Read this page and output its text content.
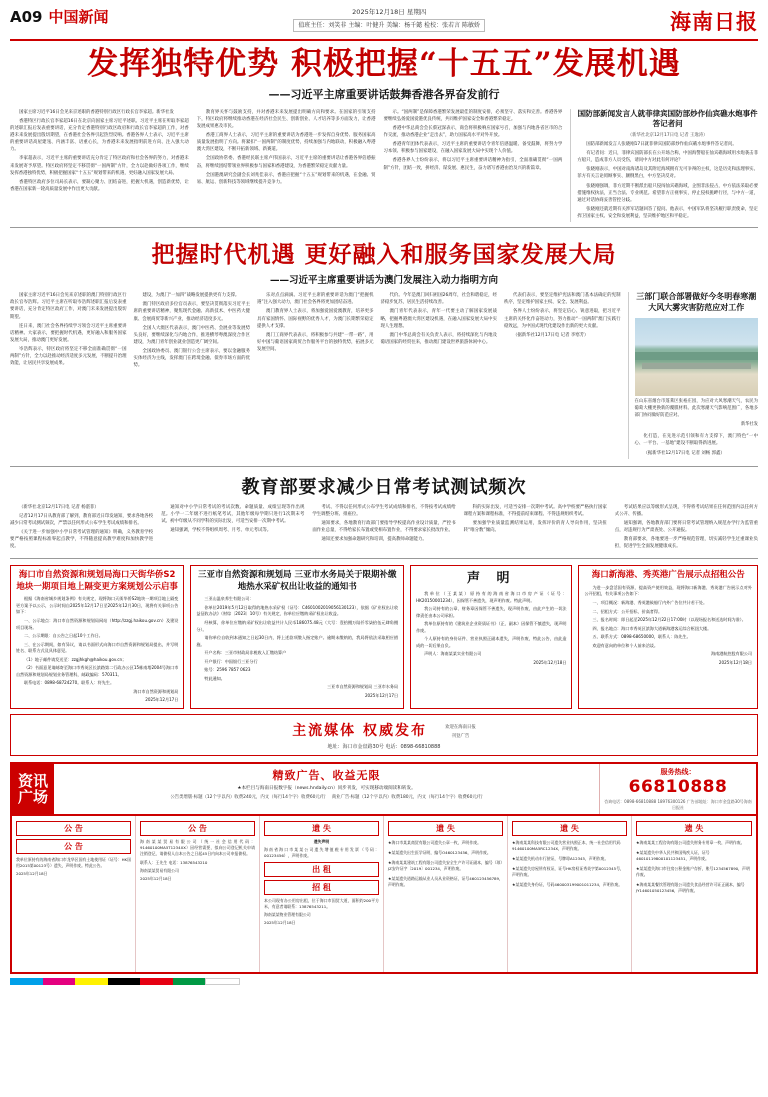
A09 中国新闻	2025年12月18日 星期四
值班主任：刘笑非 主编：叶健升 美编：杨千懿 检校：张若言 陈敏娇	海南日报
发挥独特优势 积极把握“十五五”发展机遇
——习近平主席重要讲话鼓舞香港各界奋发前行

国家主席习近平16日会见来京述职的香港特别行政区行政长官李家超。新华社发

香港特区行政长官李家超16日在北京向国家主席习近平述职。习近平主席在听取李家超的述职汇报后发表重要讲话，充分肯定香港特别行政区政府和行政长官李家超的工作，对香港未来发展提出殷切期望，在香港社会各界引起热烈反响。香港各界人士表示，习近平主席的重要讲话高屋建瓴、内涵丰富、语重心长，为香港未来发展指明前进方向、注入强大动力。

李家超表示，习近平主席的重要讲话充分肯定了特区政府和社会各界的努力，对香港未来发展寄予厚望。特区政府将坚定不移贯彻“一国两制”方针，全力以赴做好各项工作，继续发挥香港独特优势，积极把握国家“十五五”规划带来的机遇，更好融入国家发展大局。

香港特区政府多位司局长表示，要凝心聚力、团结奋进，把握大机遇，创造新优势，让香港在国家新一轮高质量发展中作出更大贡献。

教育界关怀与鼓励支持，并对香港未来发展提出明确方向和要求。在国家的引领支持下，特区政府将继续推动香港在经济社会民生、创新创业、人才培养等多方面发力，让香港发展成果惠及市民。

香港工商界人士表示，习近平主席的重要讲话为香港进一步发挥自身优势、服务国家高质量发展指明了方向。将紧扣“一国两制”的制度优势，持续加强与内地联动，积极融入粤港澳大湾区建设，不断开拓新领域、新赛道。

全国政协常委、香港经民联主席卢伟国表示，习近平主席的重要讲话让香港各界倍感振奋，将继续团结带领业界积极参与国家和香港建设，为香港繁荣稳定贡献力量。

全国港澳研究会副会长刘兆佳表示，香港应把握“十五五”规划带来的机遇，在金融、贸易、航运、创新科技等领域继续提升竞争力。

示。“国两制”是保障香港繁荣发展最佳的制度安排，必须坚守、落实和完善。香港各界要继续弘扬爱国爱港优良传统，共同维护国家安全和香港繁荣稳定。

香港中华总商会会长蔡冠深表示，商会将积极响应国家号召，加强与内地各省区市的合作交流，推动香港企业“走出去”，助力国家高水平对外开放。

香港青年团体代表表示，习近平主席的重要讲话令青年倍感温暖、备受鼓舞，将努力学习本领、积极参与国家建设，在融入国家发展大局中实现个人价值。

香港各界人士纷纷表示，将以习近平主席重要讲话精神为指引，全面准确贯彻“一国两制”方针，团结一致，拼经济、谋发展、惠民生，奋力谱写香港由治及兴的新篇章。

国防部新闻发言人就菲律宾国防部炒作仙宾礁水炮事件答记者问
（新华社北京12月17日电 记者 王逸涛）

国防部新闻发言人张晓刚17日就菲律宾国防部炒作仙宾礁水炮事件答记者问。

有记者问：近日，菲律宾国防部长在公开场合称，中国海警船在仙宾礁海域用水炮袭击菲方船只，造成菲方人员受伤，请问中方对此有何评论？

张晓刚表示，中国对南海诸岛及其附近海域拥有无可争辩的主权，这是历史和法理事实。菲方有关言论罔顾事实、颠倒黑白，中方坚决反对。

张晓刚强调，菲方近期不断派出船只侵闯仙宾礁海域，企图非法侵占，中方依法采取必要措施维权执法，正当合法、专业规范。希望菲方正视事实，停止侵权挑衅行径，与中方一道，通过对话协商妥善管控分歧。

张晓刚还就近期有关涉军话题回答了提问。他表示，中国军队将坚决履行职责使命，坚定捍卫国家主权、安全和发展利益，坚决维护地区和平稳定。

把握时代机遇 更好融入和服务国家发展大局
——习近平主席重要讲话为澳门发展注入动力指明方向

国家主席习近平16日会见来京述职的澳门特别行政区行政长官岑浩辉。习近平主席在听取岑浩辉述职汇报后发表重要讲话，充分肯定特区政府工作，对澳门未来发展提出殷切期望。

连日来，澳门社会各界持续学习领会习近平主席重要讲话精神。大家表示，要把握时代机遇，更好融入和服务国家发展大局，推动澳门更好发展。

岑浩辉表示，特区政府将坚定不移全面准确贯彻“一国两制”方针，全力以赴推动经济适度多元发展，不断提升治理效能，让居民共享发展成果。

建设，为澳门“一加四”战略发展提供更有力支撑。

澳门特区政府多位官员表示，要坚决贯彻落实习近平主席的重要讲话精神，聚焦现代金融、高新技术、中医药大健康、会展商贸等新兴产业，推动经济适度多元。

全国人大澳区代表表示，澳门中医药、会展业等发展势头良好，要继续深化与内地合作，推进横琴粤澳深度合作区建设，为澳门青年创业就业创造更广阔空间。

全国政协委员、澳门银行公会主席表示，要以金融服务实体经济为主线，发挥澳门在跨境金融、债券市场方面的优势。

乐对点点滴滴。习近平主席的重要讲话为澳门“把握机遇”注入强大动力，澳门社会各界将更加团结奋进。

澳门教育界人士表示，将加强爱国爱澳教育，培养更多具有家国情怀、国际视野的优秀人才，为澳门长期繁荣稳定提供人才支撑。

澳门工商界代表表示，将积极参与共建“一带一路”，用好中国与葡语国家商贸合作服务平台的独特优势，拓展多元发展空间。

代价。今年是澳门回归祖国26周年，社会和谐稳定，经济稳步复苏，居民生活持续改善。

澳门青年代表表示，青年一代要主动了解国家发展战略，把握粤港澳大湾区建设机遇，在融入国家发展大局中实现人生理想。

澳门中华总商会有关负责人表示，将持续深化与内地及葡语国家的经贸往来，推动澳门建设世界旅游休闲中心。

代表们表示，要坚定维护宪法和澳门基本法确定的宪制秩序，坚定维护国家主权、安全、发展利益。

各界人士纷纷表示，将坚定信心、锐意进取，把习近平主席的关怀化作奋进动力，努力推动“一国两制”澳门实践行稳致远，为中国式现代化建设作出新的更大贡献。

（据新华社12月17日电 记者 李寒芳）

三部门联合部署做好今冬明春寒潮大风大雾灾害防范应对工作
在山东省烟台市蓬莱区张裕庄园，为应对大风寒潮天气，农民为葡萄大棚更换新的覆膜材料。此次寒潮天气影响范围广，各地多部门协同做好防范应对。
新华社发

化打造，在先进示范引领和有力支撑下，澳门特色“一中心、一平台、一基地”建设不断取得新进展。

（据新华社12月17日电 记者 刘畅 郭鑫）

教育部要求减少日常考试测试频次

（新华社北京12月17日电 记者 杨湛菲）

记者12月17日从教育部了解到，教育部近日印发通知，要求各地各校减少日常考试测试频次，严禁以任何形式公布学生考试成绩和排名。

《关于进一步加强中小学日常考试管理的通知》明确，义务教育学校要严格按照课程标准零起点教学，不得随意提高教学难度和加快教学进度。

通知对中小学日常考试的考试次数、命题质量、成绩呈现等作出规范。小学一二年级不进行纸笔考试，其他年级每学期只进行1次期末考试。初中年级从不同学科的实际出发，可适当安排一次期中考试。

通知强调，学校不得组织周考、月考、单元考试等。

考试、不得以任何形式公布学生考试成绩和排名，不得按考试成绩给学生调整分班、排座位。

通知要求，各地教育行政部门要指导学校提高作业设计质量，严控书面作业总量，不得给家长布置或变相布置作业，不得要求家长批改作业。

通知还要求加强命题研究和培训，提高教师命题能力。

科的实际出发，可适当安排一次期中考试。高中学校要严格执行国家课程方案和课程标准，不得提前结束课程、不得违规组织考试。

要加强学业质量监测结果运用，发挥评价的育人导向作用，坚决扭转“唯分数”倾向。

考试结果应以等级形式呈现，不得将考试结果在任何范围内以任何方式公开、传播。

通知强调，各地教育部门要将日常考试管理纳入规范办学行为监管重点，对违规行为严肃查处、公开通报。

教育部要求，各地要进一步严格规范管理，切实减轻学生过重课业负担，促进学生全面发展健康成长。

海口市自然资源和规划局海口天街华侨S2地块一期项目地上隔变更方案规划公示启事

根据《海南省城乡规划条例》有关规定，现将海口天街华侨S2地块一期项目地上隔变更方案予以公示，公示时间自2025年12月17日至2025年12月30日，现将有关事项公告如下：

一、公示地点：海口市自然资源和规划局网站（http://zzgj.haikou.gov.cn）及建设项目现场。

二、公示期限：自公告之日起10个工作日。

三、在公示期间，如有异议，请以书面形式向海口市自然资源和规划局提出，并写明姓名、联系方式及具体意见。

（1）地子邮件请发送至：zzgjhkgh@haikou.gov.cn；

（2）书面意见请邮寄至海口市秀英区长滨路第二行政办公区15栋南塔2004号海口市自然资源和规划局规划业务管理科，邮政编码：570311。

联系电话：0898-68724270。联系人：符先生。

海口市自然资源和规划局
2025年12月17日
三亚市自然资源和规划局 三亚市水务局关于限期补缴地热水采矿权出让收益的通知书

三亚山温泉养生有限公司：

你单位2019年5月12日取得的地热水采矿权（证号：C4601002019056130123），依据《矿业权出让收益征收办法》（财综〔2023〕10号）有关规定，你单位应缴纳采矿权出让收益。

经核算，你单位应缴纳采矿权出让收益共计人民币186075.48元（大写：壹拾捌万陆仟零柒拾伍元肆角捌分）。

请你单位自收到本通知之日起30日内，将上述款项缴入指定账户。逾期未缴纳的，我局将依法采取相应措施。

开户名称：三亚市财政局非税收入汇缴结算户

开户银行：中国银行三亚分行

账号：2596 7857 0623

特此通知。

三亚市自然资源和规划局 三亚市水务局
2025年12月17日
声 明

我单位（王某某）原持有的海南省海口市房产证（证号：HK20150001234），因保管不善遗失，现声明作废。特此声明。

我公司持有的公章、财务章因保管不善遗失，现声明作废，由此产生的一切法律责任由本公司承担。

我单位原持有的《建筑业企业资质证书》（正、副本）因保管不慎遗失，现声明作废。

个人原持有的身份证件、营业执照正副本遗失，声明作废，特此公告，由此造成的一切后果自负。

声明人：海南某某实业有限公司

2025年12月18日
海口新海港、秀英港广告展示点招租公告

为进一步盘活国有资源，提高资产使用效益，现将海口新海港、秀英港广告展示点对外公开招租，有关事项公告如下：

一、项目概况：新海港、秀英港候船厅内外广告位共计若干处。

二、招租方式：公开招标，价高者得。

三、报名时间：即日起至2025年12月22日17:00时（以现场报名和送达时间为准）。

四、报名地点：海口市秀英区滨海大道新海港客运综合枢纽大楼。

五、联系方式：0898-68650000，联系人：陈先生。

欢迎有意向的单位和个人前来洽谈。

海南港航控股有限公司
2025年12月18日
主流媒体 权威发布	欢迎在海南日报
刊登广告
地址：海口市金盘路30号 电话：0898-66810888
资讯
广场
精致广告、收益无限
★本栏目与海南日报数字报（news.hndaily.cn）同步刊发，可实现移动端阅读和转发。
公告类增版·标题（12个字以内）收费240元，内文（每行14个字）收费60元/行 商业广告·标题（12个字以内）收费180元，内文（每行14个字）收费60元/行
服务热线：
66810888
咨询电话：0898-66810888 18976300126 广告部地址：海口市金盘路30号海南日报社
公 告
公 告

我单位原持有的海南省海口市龙华区国有土地使用证（证号：HK国用2015第00123号）遗失，声明作废。特此公告。

2025年12月18日

公 告

海南某某贸易有限公司（统一社会信用代码：91460100MA5T1234XX）因经营需要，拟向公司登记机关申请注销登记，请债权人自本公告之日起45日内向本公司申报债权。

联系人：王先生 电话：13876543210

海南某某贸易有限公司

2025年12月18日

遗 失

遗失声明

海南省海口市某某公司遗失增值税专用发票（号码：00123456），声明作废。

出 租
招 租

本公司现有办公用房出租，位于海口市国贸大道，面积约200平方米，有意者请联系：13876543211。

海南某某物业管理有限公司

2025年12月18日

遗 失

★海口市某某商贸有限公司遗失公章一枚，声明作废。

★某某遗失出生医学证明，编号O460123456，声明作废。

★海南某某建筑工程有限公司遗失安全生产许可证副本，编号（琼）JZ安许证字〔2019〕001234，声明作废。

★某某遗失道路运输从业人员从业资格证，证号460123456789，声明作废。

遗 失

★海南某某科技有限公司遗失营业执照正本，统一社会信用代码91460100MA5RC1234X，声明作废。

★某某遗失机动车行驶证，号牌琼A12345，声明作废。

★某某遗失房屋所有权证，证号HK房权证秀英字第0012345号，声明作废。

★某某遗失身份证，号码460003199001011234，声明作废。

遗 失

★海南某某工程咨询有限公司遗失财务专用章一枚，声明作废。

★某某遗失中华人民共和国残疾人证，证号46010119800101123451，声明作废。

★某某遗失海口市住房公积金账户存折，账号1234567890，声明作废。

★海南某某餐饮管理有限公司遗失食品经营许可证正副本，编号JY14601050123456，声明作废。
